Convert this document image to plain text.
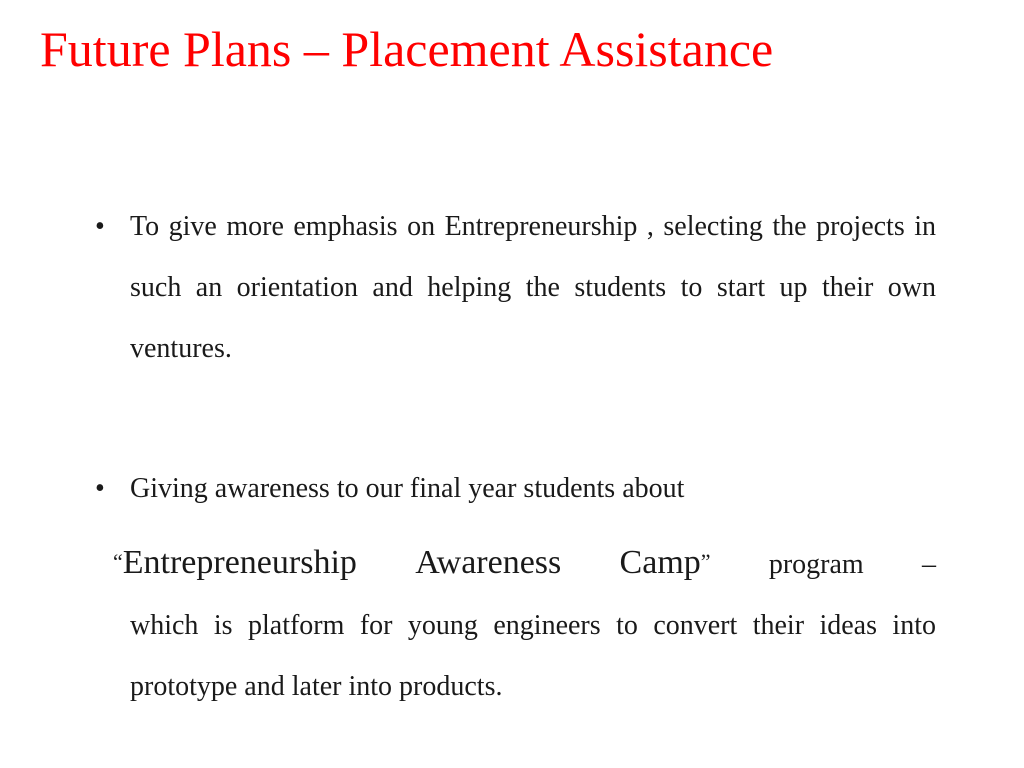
Future Plans – Placement Assistance
• To give more emphasis on Entrepreneurship , selecting the projects in such an orientation and helping the students to start up their own ventures.
• Giving awareness to our final year students about
“Entrepreneurship Awareness Camp” program –
which is platform for young engineers to convert their ideas into prototype and later into products.
